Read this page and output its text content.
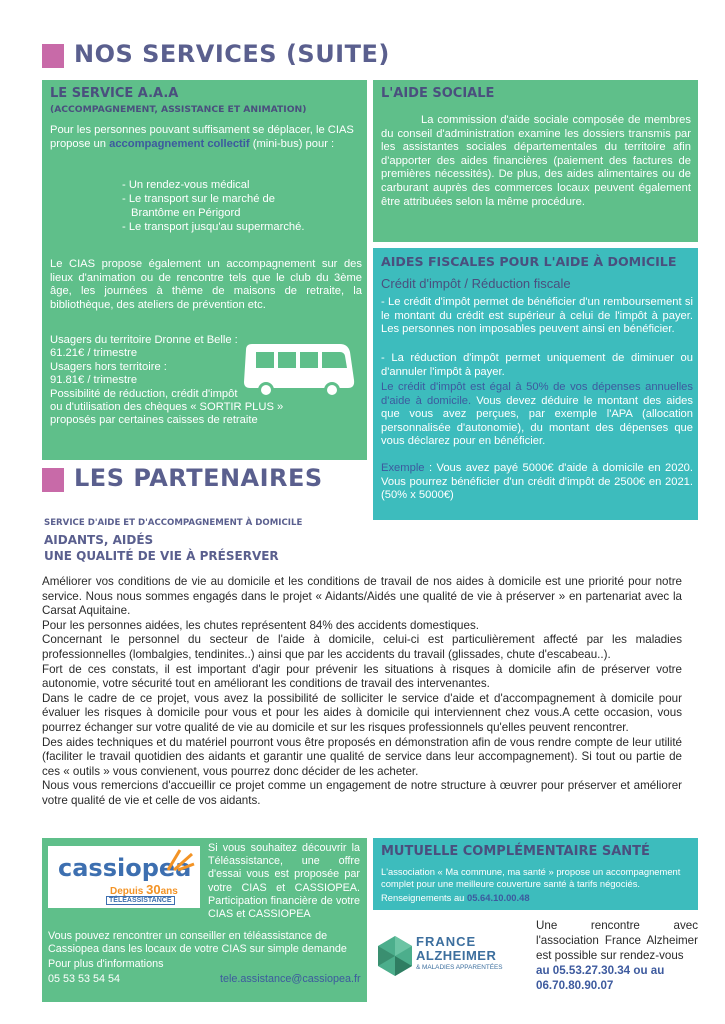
NOS SERVICES (SUITE)
LE SERVICE A.A.A
(ACCOMPAGNEMENT, ASSISTANCE ET ANIMATION)

Pour les personnes pouvant suffisament se déplacer, le CIAS propose un accompagnement collectif (mini-bus) pour :

- Un rendez-vous médical
- Le transport sur le marché de
Brantôme en Périgord
- Le transport jusqu'au supermarché.

Le CIAS propose également un accompagnement sur des lieux d'animation ou de rencontre tels que le club du 3ème âge, les journées à thème de maisons de retraite, la bibliothèque, des ateliers de prévention etc.

Usagers du territoire Dronne et Belle :
61.21€ / trimestre
Usagers hors territoire :
91.81€ / trimestre
Possibilité de réduction, crédit d'impôt
ou d'utilisation des chèques « SORTIR PLUS »
proposés par certaines caisses de retraite
L'AIDE SOCIALE

La commission d'aide sociale composée de membres du conseil d'administration examine les dossiers transmis par les assistantes sociales départementales du territoire afin d'apporter des aides financières (paiement des factures de premières nécessités). De plus, des aides alimentaires ou de carburant auprès des commerces locaux peuvent également être attribuées selon la même procédure.

AIDES FISCALES POUR L'AIDE À DOMICILE
Crédit d'impôt / Réduction fiscale

- Le crédit d'impôt permet de bénéficier d'un remboursement si le montant du crédit est supérieur à celui de l'impôt à payer. Les personnes non imposables peuvent ainsi en bénéficier.

- La réduction d'impôt permet uniquement de diminuer ou d'annuler l'impôt à payer.

Le crédit d'impôt est égal à 50% de vos dépenses annuelles d'aide à domicile. Vous devez déduire le montant des aides que vous avez perçues, par exemple l'APA (allocation personnalisée d'autonomie), du montant des dépenses que vous déclarez pour en bénéficier.

Exemple : Vous avez payé 5000€ d'aide à domicile en 2020. Vous pourrez bénéficier d'un crédit d'impôt de 2500€ en 2021. (50% x 5000€)

LES PARTENAIRES
SERVICE D'AIDE ET D'ACCOMPAGNEMENT À DOMICILE
AIDANTS, AIDÉS
UNE QUALITÉ DE VIE À PRÉSERVER

Améliorer vos conditions de vie au domicile et les conditions de travail de nos aides à domicile est une priorité pour notre service. Nous nous sommes engagés dans le projet « Aidants/Aidés une qualité de vie à préserver » en partenariat avec la Carsat Aquitaine.

Pour les personnes aidées, les chutes représentent 84% des accidents domestiques.

Concernant le personnel du secteur de l'aide à domicile, celui-ci est particulièrement affecté par les maladies professionnelles (lombalgies, tendinites..) ainsi que par les accidents du travail (glissades, chute d'escabeau..).

Fort de ces constats, il est important d'agir pour prévenir les situations à risques à domicile afin de préserver votre autonomie, votre sécurité tout en améliorant les conditions de travail des intervenantes.

Dans le cadre de ce projet, vous avez la possibilité de solliciter le service d'aide et d'accompagnement à domicile pour évaluer les risques à domicile pour vous et pour les aides à domicile qui interviennent chez vous.A cette occasion, vous pourrez échanger sur votre qualité de vie au domicile et sur les risques professionnels qu'elles peuvent rencontrer.

Des aides techniques et du matériel pourront vous être proposés en démonstration afin de vous rendre compte de leur utilité (faciliter le travail quotidien des aidants et garantir une qualité de service dans leur accompagnement). Si tout ou partie de ces « outils » vous convienent, vous pourrez donc décider de les acheter.

Nous vous remercions d'accueillir ce projet comme un engagement de notre structure à œuvrer pour préserver et améliorer votre qualité de vie et celle de vos aidants.

cassiopea
Depuis 30ans
TÉLÉASSISTANCE

Si vous souhaitez découvrir la Téléassistance, une offre d'essai vous est proposée par votre CIAS et CASSIOPEA. Participation financière de votre CIAS et CASSIOPEA

Vous pouvez rencontrer un conseiller en téléassistance de Cassiopea dans les locaux de votre CIAS sur simple demande

Pour plus d'informations
05 53 53 54 54	tele.assistance@cassiopea.fr
MUTUELLE COMPLÉMENTAIRE SANTÉ

L'association « Ma commune, ma santé » propose un accompagnement complet pour une meilleure couverture santé à tarifs négociés.

Renseignements au 05.64.10.00.48
FRANCE
ALZHEIMER
& MALADIES APPARENTÉES
Une rencontre avec l'association France Alzheimer est possible sur rendez-vous
au 05.53.27.30.34 ou au
06.70.80.90.07
